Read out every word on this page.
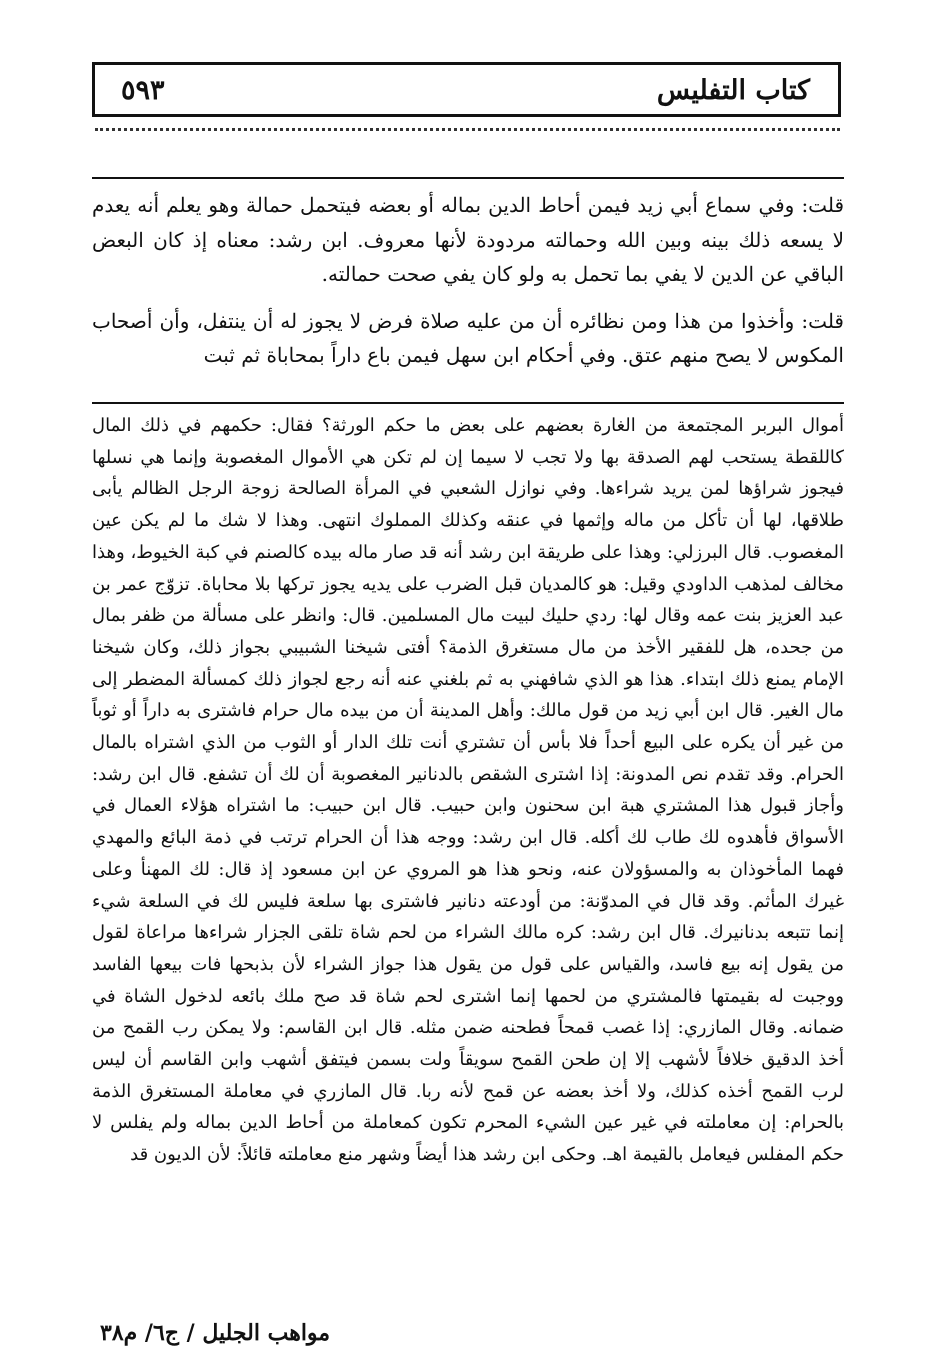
كتاب التفليس
٥٩٣

قلت: وفي سماع أبي زيد فيمن أحاط الدين بماله أو بعضه فيتحمل حمالة وهو يعلم أنه يعدم لا يسعه ذلك بينه وبين الله وحمالته مردودة لأنها معروف. ابن رشد: معناه إذ كان البعض الباقي عن الدين لا يفي بما تحمل به ولو كان يفي صحت حمالته.

قلت: وأخذوا من هذا ومن نظائره أن من عليه صلاة فرض لا يجوز له أن ينتفل، وأن أصحاب المكوس لا يصح منهم عتق. وفي أحكام ابن سهل فيمن باع داراً بمحاباة ثم ثبت

أموال البربر المجتمعة من الغارة بعضهم على بعض ما حكم الورثة؟ فقال: حكمهم في ذلك المال كاللقطة يستحب لهم الصدقة بها ولا تجب لا سيما إن لم تكن هي الأموال المغصوبة وإنما هي نسلها فيجوز شراؤها لمن يريد شراءها. وفي نوازل الشعبي في المرأة الصالحة زوجة الرجل الظالم يأبى طلاقها، لها أن تأكل من ماله وإثمها في عنقه وكذلك المملوك انتهى. وهذا لا شك ما لم يكن عين المغصوب. قال البرزلي: وهذا على طريقة ابن رشد أنه قد صار ماله بيده كالصنم في كبة الخيوط، وهذا مخالف لمذهب الداودي وقيل: هو كالمديان قبل الضرب على يديه يجوز تركها بلا محاباة. تزوّج عمر بن عبد العزيز بنت عمه وقال لها: ردي حليك لبيت مال المسلمين. قال: وانظر على مسألة من ظفر بمال من جحده، هل للفقير الأخذ من مال مستغرق الذمة؟ أفتى شيخنا الشبيبي بجواز ذلك، وكان شيخنا الإمام يمنع ذلك ابتداء. هذا هو الذي شافهني به ثم بلغني عنه أنه رجع لجواز ذلك كمسألة المضطر إلى مال الغير. قال ابن أبي زيد من قول مالك: وأهل المدينة أن من بيده مال حرام فاشترى به داراً أو ثوباً من غير أن يكره على البيع أحداً فلا بأس أن تشتري أنت تلك الدار أو الثوب من الذي اشتراه بالمال الحرام. وقد تقدم نص المدونة: إذا اشترى الشقص بالدنانير المغصوبة أن لك أن تشفع. قال ابن رشد: وأجاز قبول هذا المشتري هبة ابن سحنون وابن حبيب. قال ابن حبيب: ما اشتراه هؤلاء العمال في الأسواق فأهدوه لك طاب لك أكله. قال ابن رشد: ووجه هذا أن الحرام ترتب في ذمة البائع والمهدي فهما المأخوذان به والمسؤولان عنه، ونحو هذا هو المروي عن ابن مسعود إذ قال: لك المهنأ وعلى غيرك المأثم. وقد قال في المدوّنة: من أودعته دنانير فاشترى بها سلعة فليس لك في السلعة شيء إنما تتبعه بدنانيرك. قال ابن رشد: كره مالك الشراء من لحم شاة تلقى الجزار شراءها مراعاة لقول من يقول إنه بيع فاسد، والقياس على قول من يقول هذا جواز الشراء لأن بذبحها فات بيعها الفاسد ووجبت له بقيمتها فالمشتري من لحمها إنما اشترى لحم شاة قد صح ملك بائعه لدخول الشاة في ضمانه. وقال المازري: إذا غصب قمحاً فطحنه ضمن مثله. قال ابن القاسم: ولا يمكن رب القمح من أخذ الدقيق خلافاً لأشهب إلا إن طحن القمح سويقاً ولت بسمن فيتفق أشهب وابن القاسم أن ليس لرب القمح أخذه كذلك، ولا أخذ بعضه عن قمح لأنه ربا. قال المازري في معاملة المستغرق الذمة بالحرام: إن معاملته في غير عين الشيء المحرم تكون كمعاملة من أحاط الدين بماله ولم يفلس لا حكم المفلس فيعامل بالقيمة اهـ. وحكى ابن رشد هذا أيضاً وشهر منع معاملته قائلاً: لأن الديون قد

مواهب الجليل / ج٦/ م٣٨
